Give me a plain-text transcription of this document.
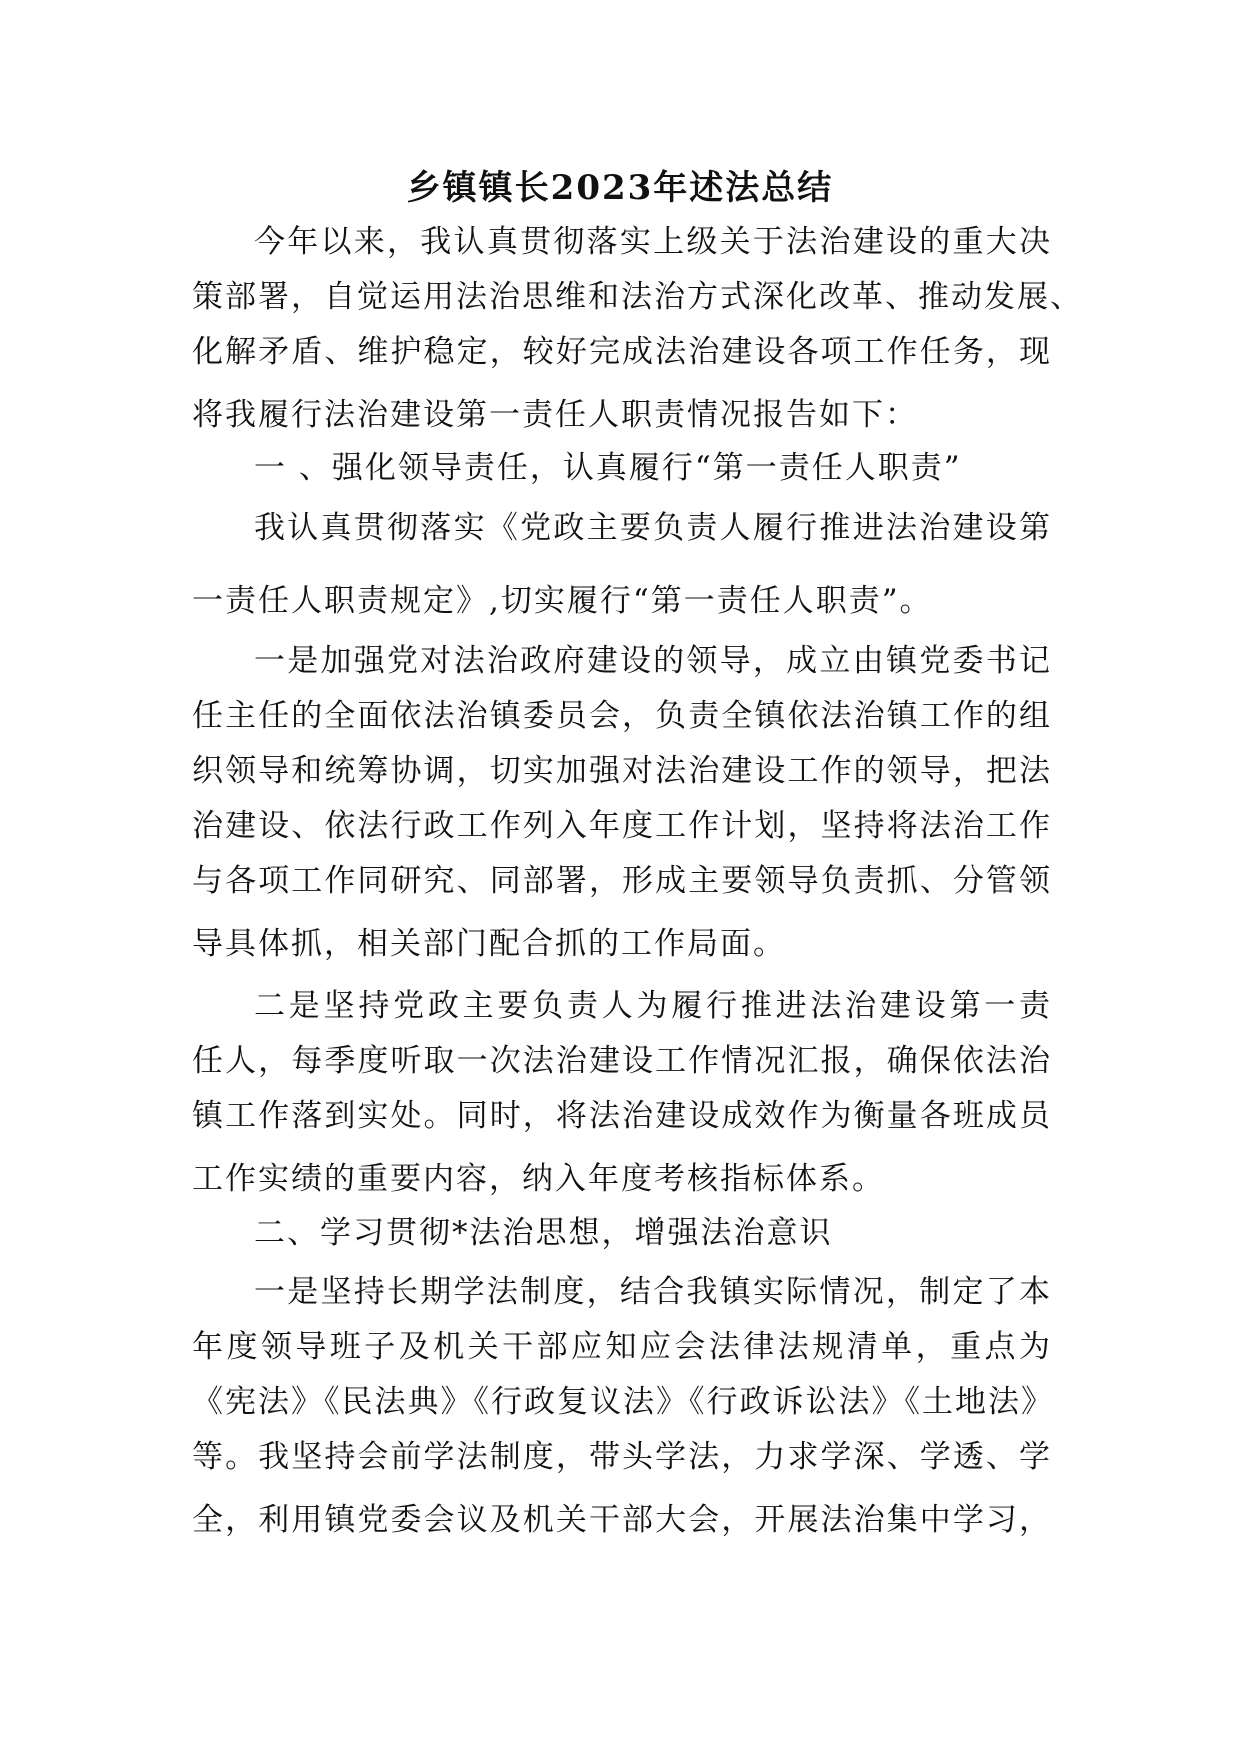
乡镇镇长2023年述法总结
今年以来，我认真贯彻落实上级关于法治建设的重大决
策部署，自觉运用法治思维和法治方式深化改革、推动发展、
化解矛盾、维护稳定，较好完成法治建设各项工作任务，现
将我履行法治建设第一责任人职责情况报告如下：
一 、强化领导责任，认真履行“第一责任人职责”
我认真贯彻落实《党政主要负责人履行推进法治建设第
一责任人职责规定》,切实履行“第一责任人职责”。
一是加强党对法治政府建设的领导，成立由镇党委书记
任主任的全面依法治镇委员会，负责全镇依法治镇工作的组
织领导和统筹协调，切实加强对法治建设工作的领导，把法
治建设、依法行政工作列入年度工作计划，坚持将法治工作
与各项工作同研究、同部署，形成主要领导负责抓、分管领
导具体抓，相关部门配合抓的工作局面。
二是坚持党政主要负责人为履行推进法治建设第一责
任人，每季度听取一次法治建设工作情况汇报，确保依法治
镇工作落到实处。同时，将法治建设成效作为衡量各班成员
工作实绩的重要内容，纳入年度考核指标体系。
二、学习贯彻*法治思想，增强法治意识
一是坚持长期学法制度，结合我镇实际情况，制定了本
年度领导班子及机关干部应知应会法律法规清单，重点为
《宪法》《民法典》《行政复议法》《行政诉讼法》《土地法》
等。我坚持会前学法制度，带头学法，力求学深、学透、学
全，利用镇党委会议及机关干部大会，开展法治集中学习，
